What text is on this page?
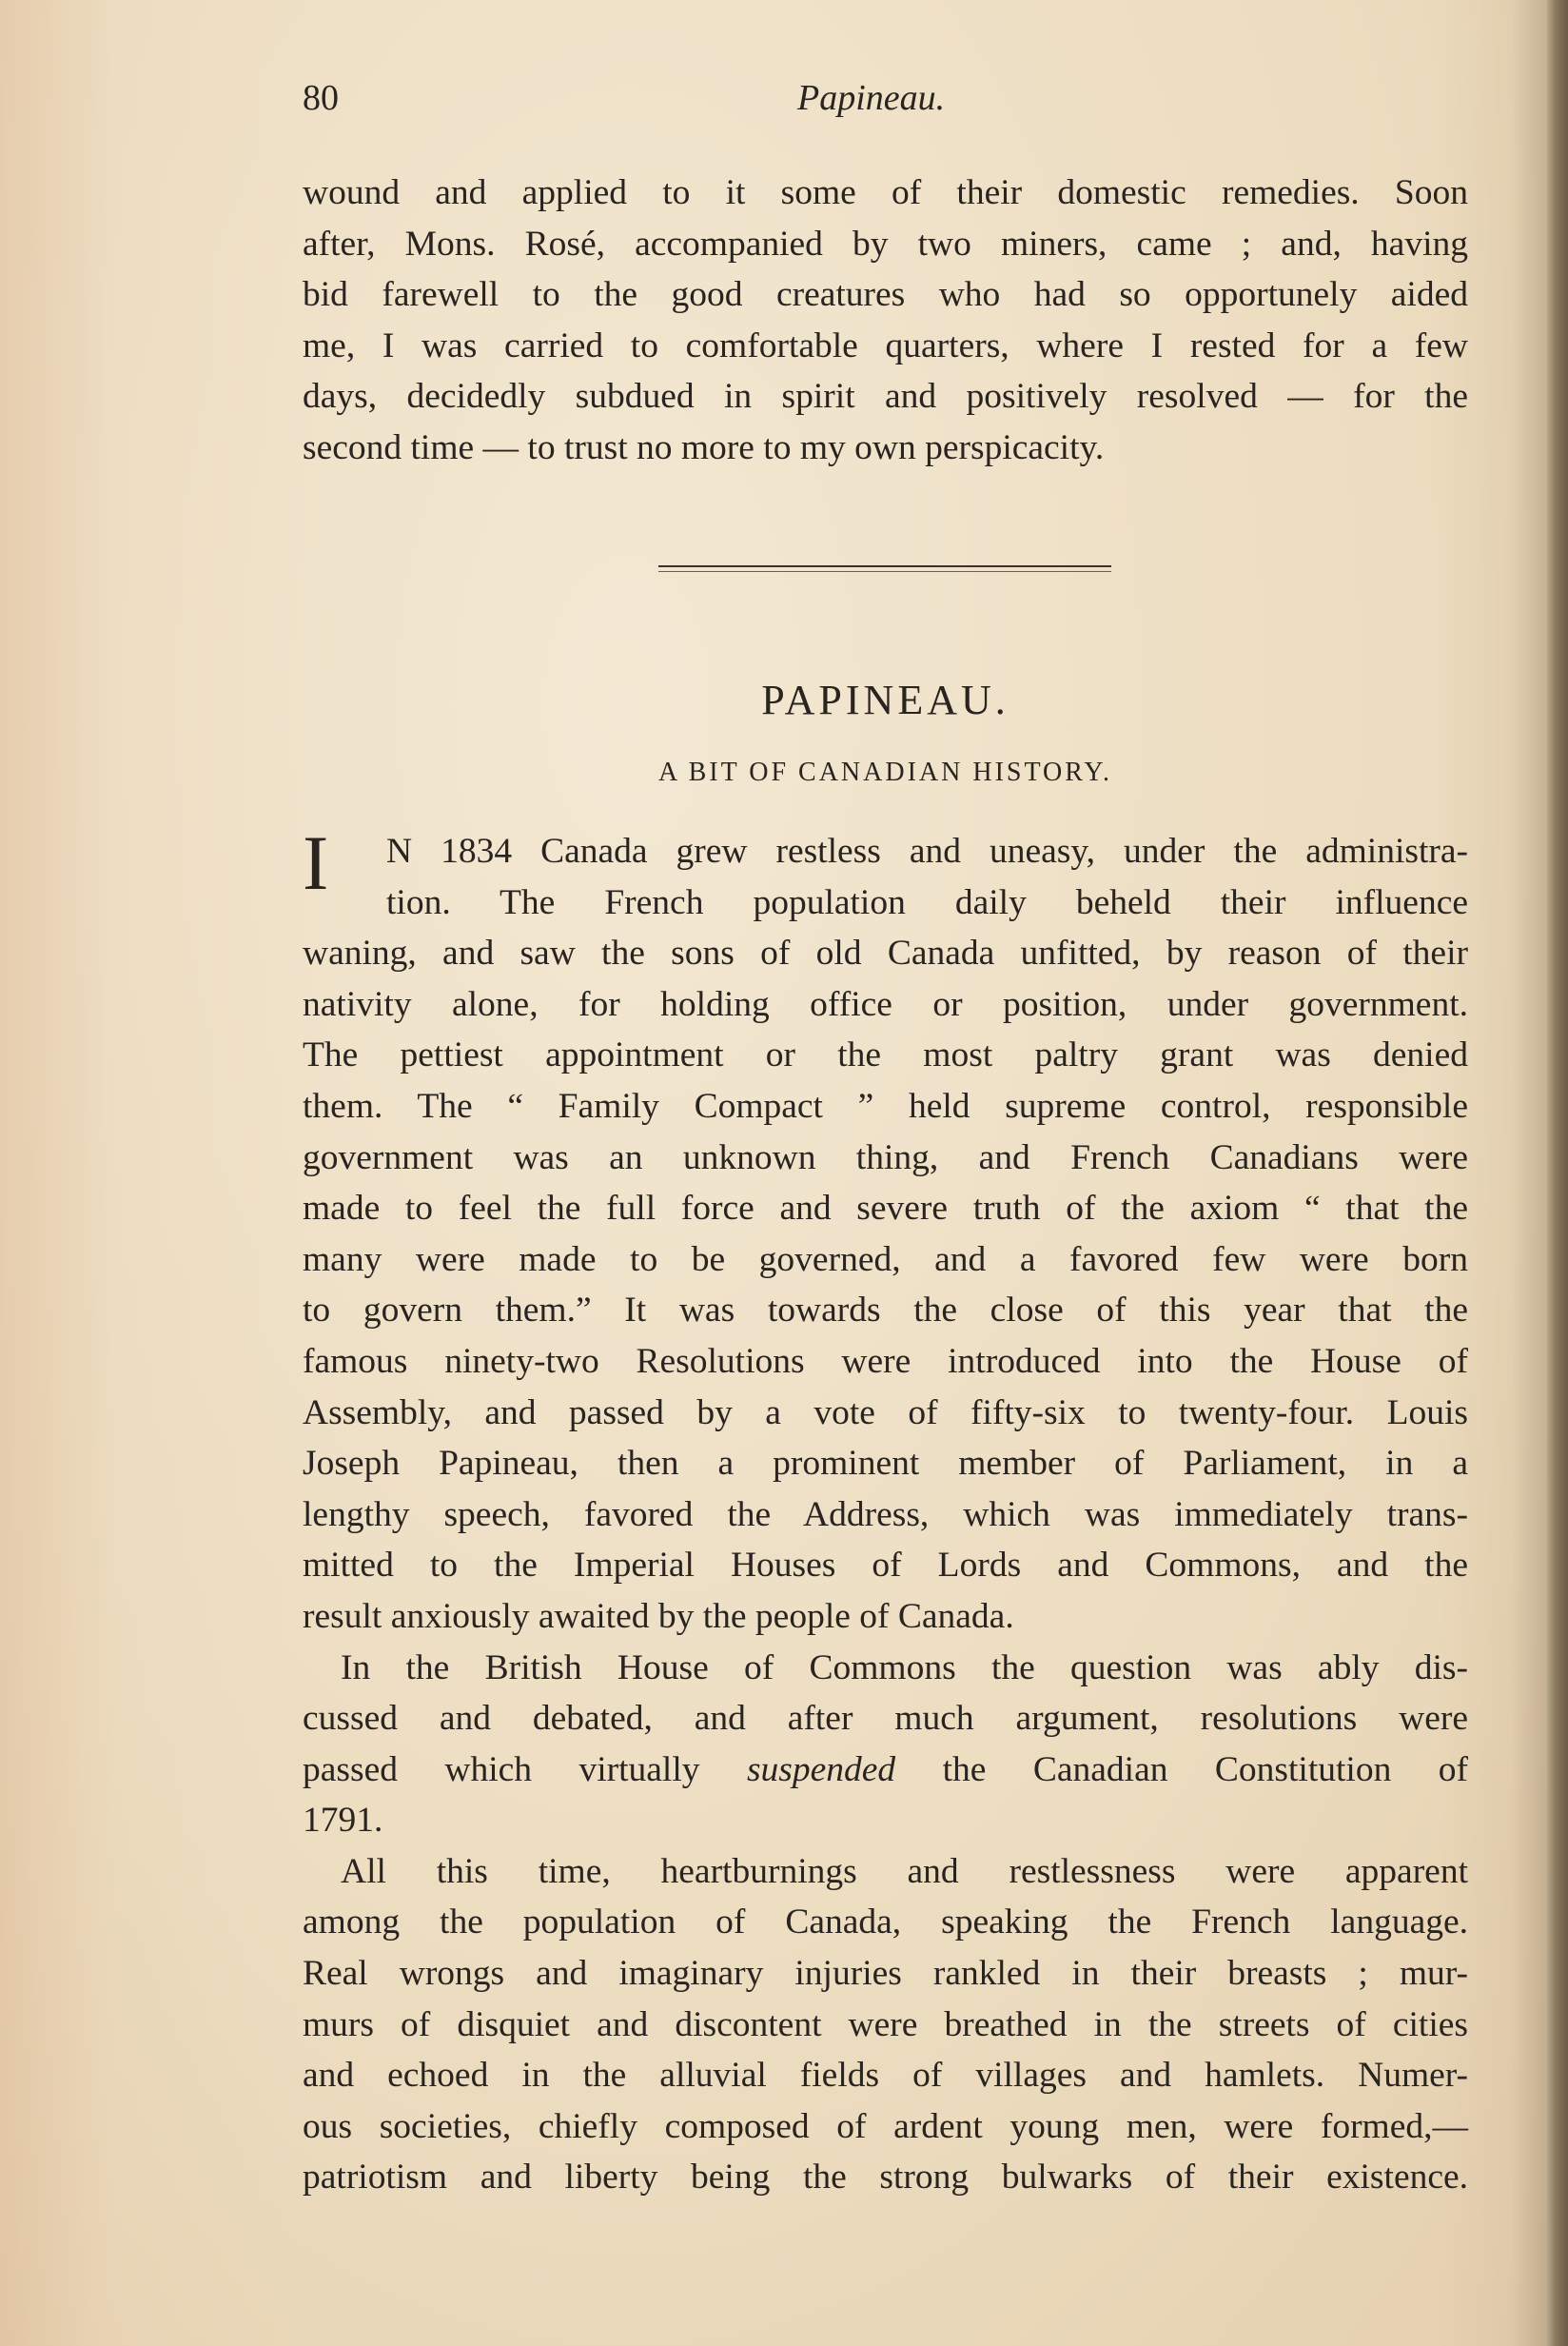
80	Papineau.
wound and applied to it some of their domestic remedies. Soon
after, Mons. Rosé, accompanied by two miners, came ; and, having
bid farewell to the good creatures who had so opportunely aided
me, I was carried to comfortable quarters, where I rested for a few
days, decidedly subdued in spirit and positively resolved — for the
second time — to trust no more to my own perspicacity.
PAPINEAU.
A BIT OF CANADIAN HISTORY.
I	N 1834 Canada grew restless and uneasy, under the administra-
tion. The French population daily beheld their influence
waning, and saw the sons of old Canada unfitted, by reason of their
nativity alone, for holding office or position, under government.
The pettiest appointment or the most paltry grant was denied
them. The “ Family Compact ” held supreme control, responsible
government was an unknown thing, and French Canadians were
made to feel the full force and severe truth of the axiom “ that the
many were made to be governed, and a favored few were born
to govern them.” It was towards the close of this year that the
famous ninety-two Resolutions were introduced into the House of
Assembly, and passed by a vote of fifty-six to twenty-four. Louis
Joseph Papineau, then a prominent member of Parliament, in a
lengthy speech, favored the Address, which was immediately trans-
mitted to the Imperial Houses of Lords and Commons, and the
result anxiously awaited by the people of Canada.
In the British House of Commons the question was ably dis-
cussed and debated, and after much argument, resolutions were
passed which virtually suspended the Canadian Constitution of
1791.
All this time, heartburnings and restlessness were apparent
among the population of Canada, speaking the French language.
Real wrongs and imaginary injuries rankled in their breasts ; mur-
murs of disquiet and discontent were breathed in the streets of cities
and echoed in the alluvial fields of villages and hamlets. Numer-
ous societies, chiefly composed of ardent young men, were formed,—
patriotism and liberty being the strong bulwarks of their existence.
